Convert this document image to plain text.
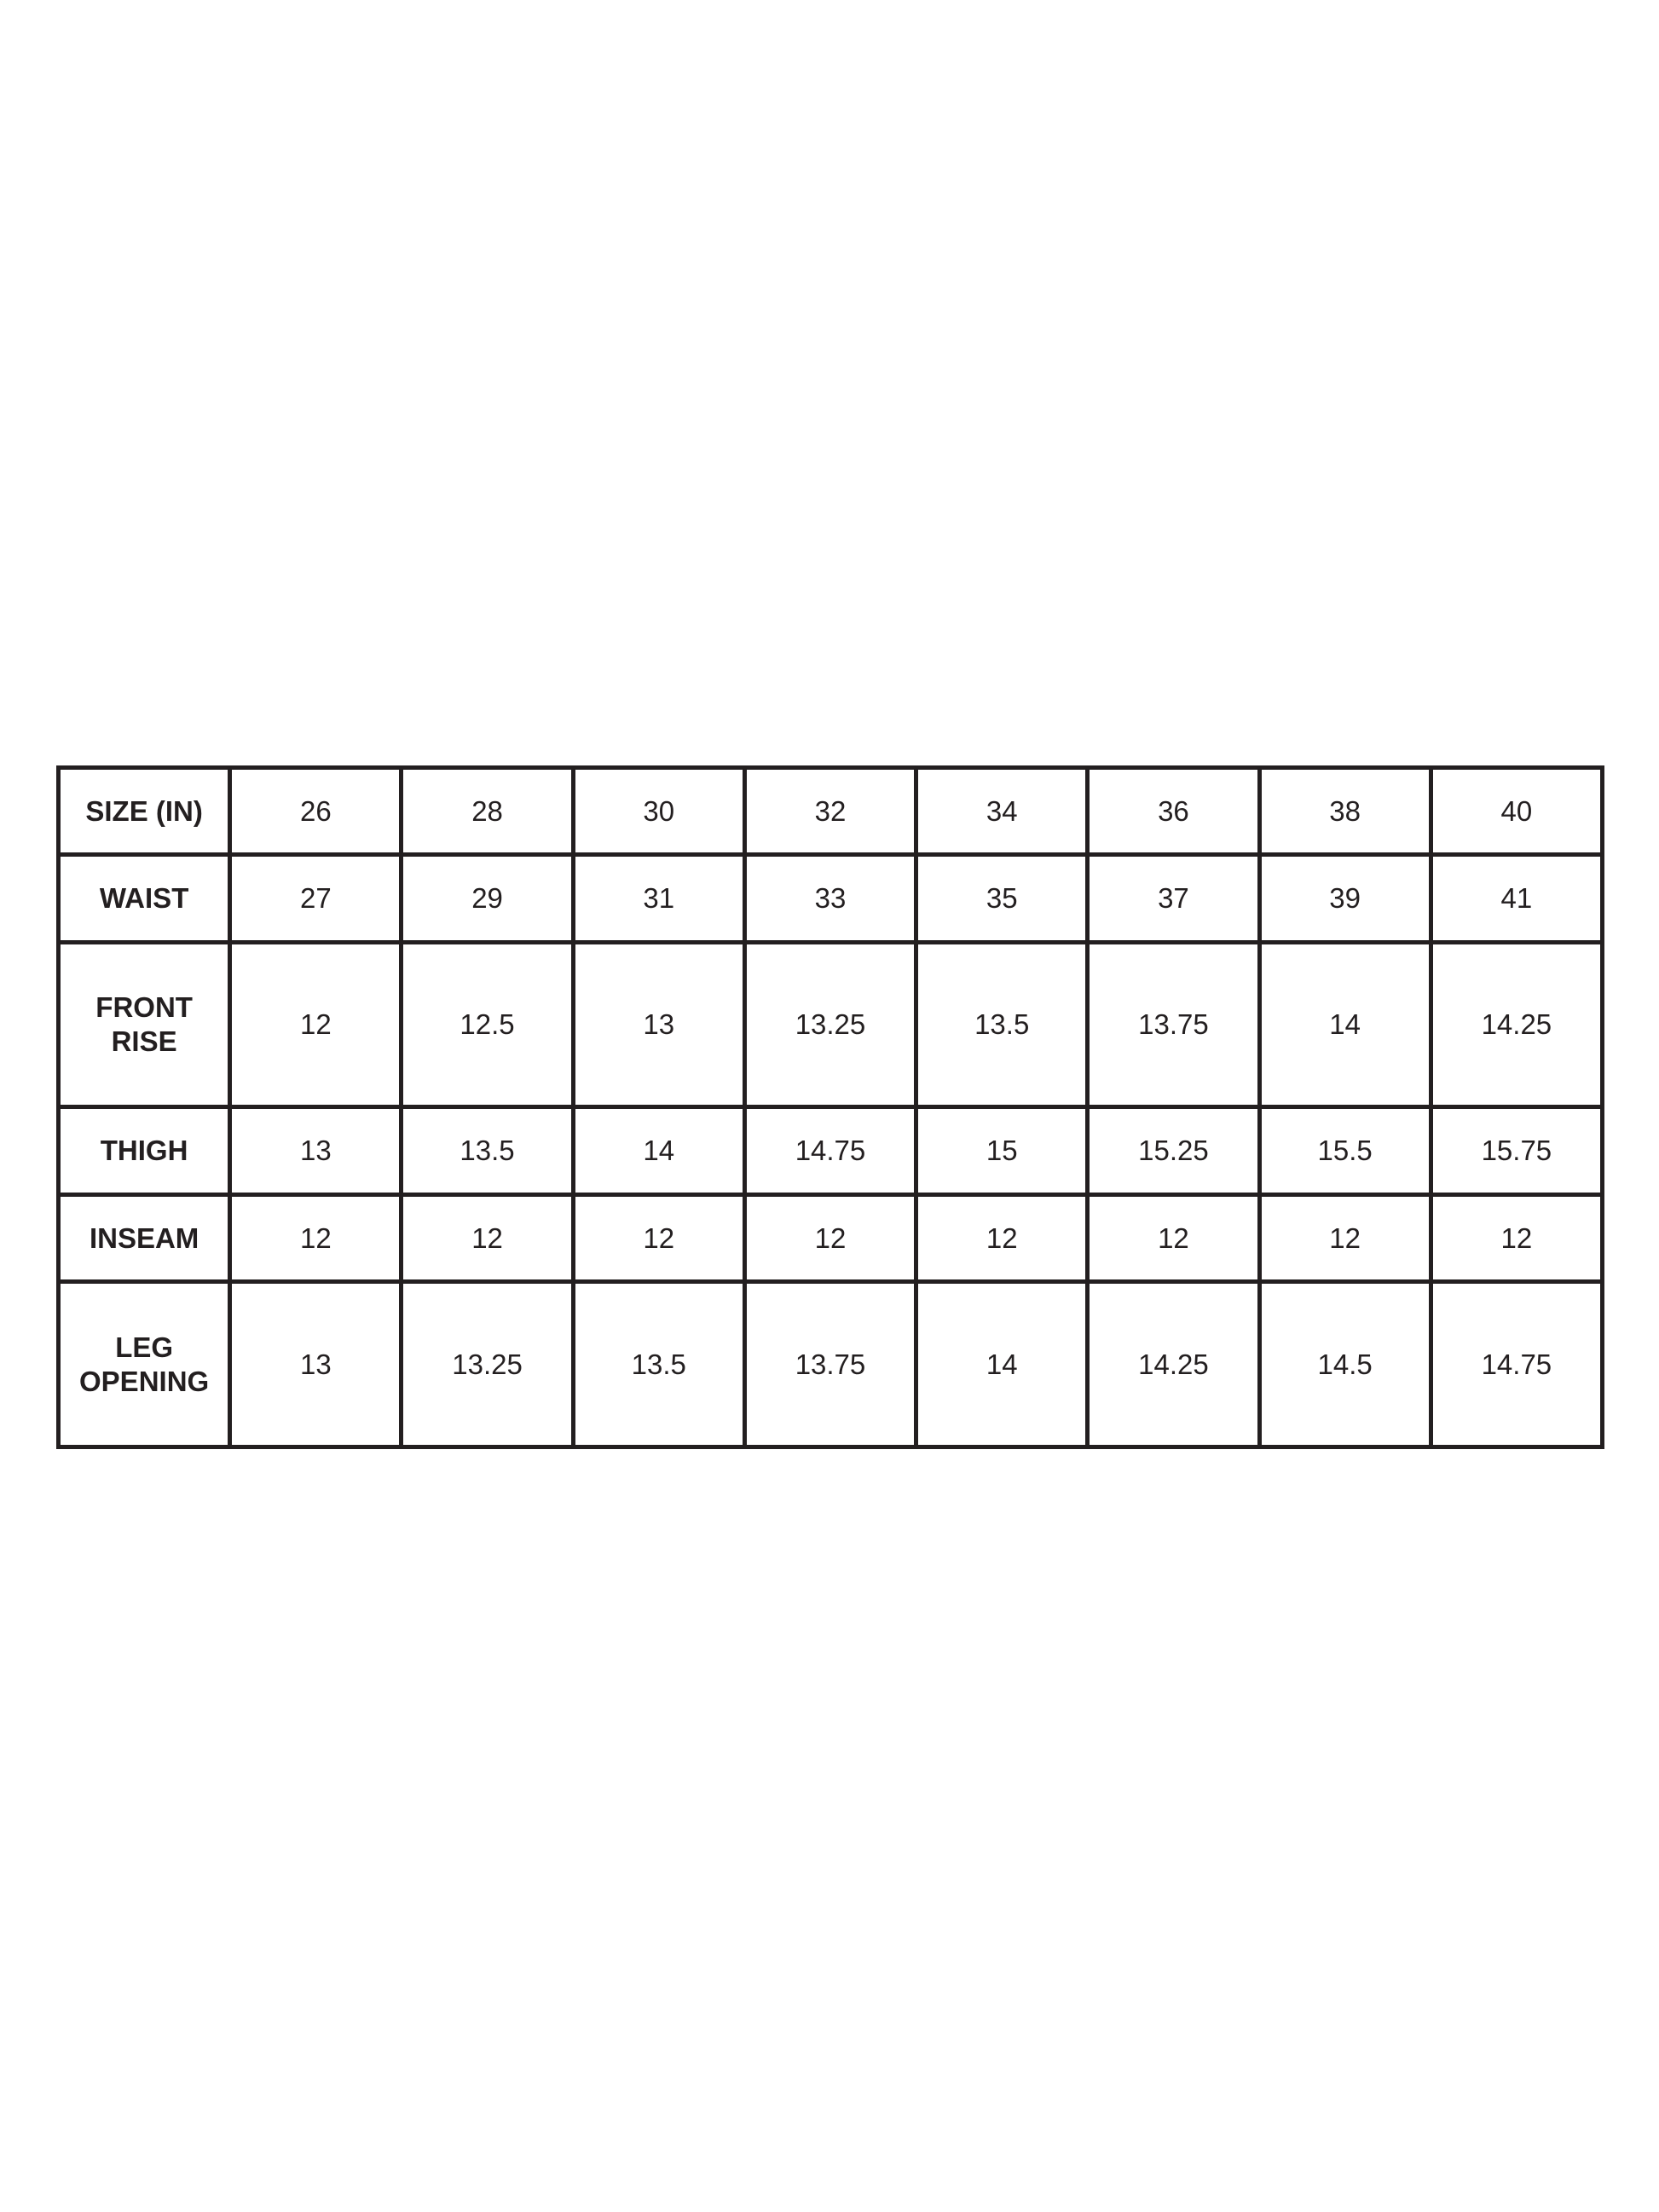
SIZE (IN)	26	28	30	32	34	36	38	40
WAIST	27	29	31	33	35	37	39	41
FRONT
RISE	12	12.5	13	13.25	13.5	13.75	14	14.25
THIGH	13	13.5	14	14.75	15	15.25	15.5	15.75
INSEAM	12	12	12	12	12	12	12	12
LEG
OPENING	13	13.25	13.5	13.75	14	14.25	14.5	14.75
